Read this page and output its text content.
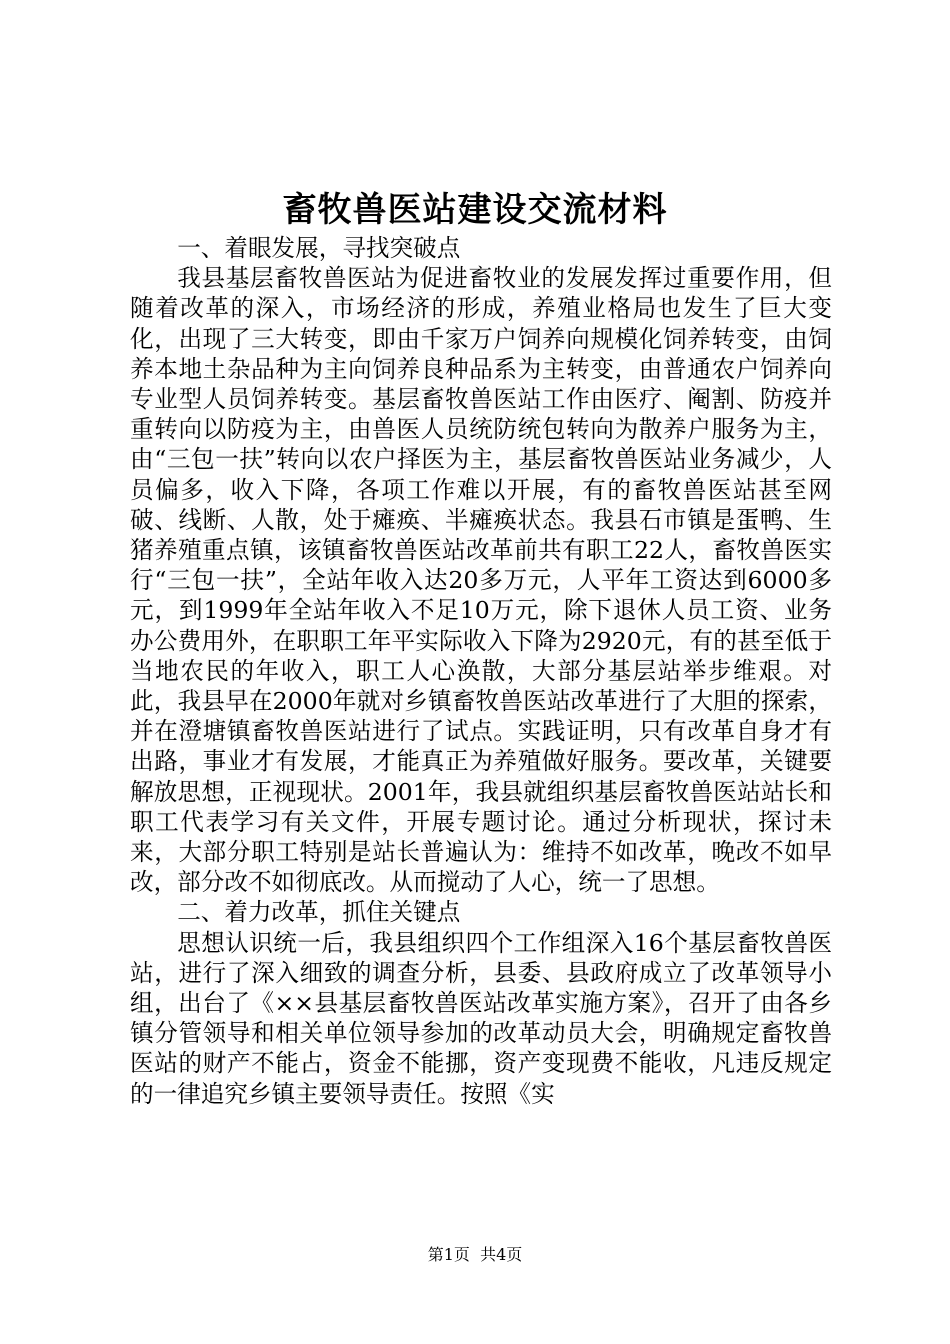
畜牧兽医站建设交流材料

一、着眼发展，寻找突破点

我县基层畜牧兽医站为促进畜牧业的发展发挥过重要作用，但随着改革的深入，市场经济的形成，养殖业格局也发生了巨大变化，出现了三大转变，即由千家万户饲养向规模化饲养转变，由饲养本地土杂品种为主向饲养良种品系为主转变，由普通农户饲养向专业型人员饲养转变。基层畜牧兽医站工作由医疗、阉割、防疫并重转向以防疫为主，由兽医人员统防统包转向为散养户服务为主，由“三包一扶”转向以农户择医为主，基层畜牧兽医站业务减少，人员偏多，收入下降，各项工作难以开展，有的畜牧兽医站甚至网破、线断、人散，处于瘫痪、半瘫痪状态。我县石市镇是蛋鸭、生猪养殖重点镇，该镇畜牧兽医站改革前共有职工22人，畜牧兽医实行“三包一扶”，全站年收入达20多万元，人平年工资达到6000多元，到1999年全站年收入不足10万元，除下退休人员工资、业务办公费用外，在职职工年平实际收入下降为2920元，有的甚至低于当地农民的年收入，职工人心涣散，大部分基层站举步维艰。对此，我县早在2000年就对乡镇畜牧兽医站改革进行了大胆的探索，并在澄塘镇畜牧兽医站进行了试点。实践证明，只有改革自身才有出路，事业才有发展，才能真正为养殖做好服务。要改革，关键要解放思想，正视现状。2001年，我县就组织基层畜牧兽医站站长和职工代表学习有关文件，开展专题讨论。通过分析现状，探讨未来，大部分职工特别是站长普遍认为：维持不如改革，晚改不如早改，部分改不如彻底改。从而搅动了人心，统一了思想。

二、着力改革，抓住关键点

思想认识统一后，我县组织四个工作组深入16个基层畜牧兽医站，进行了深入细致的调查分析，县委、县政府成立了改革领导小组，出台了《××县基层畜牧兽医站改革实施方案》，召开了由各乡镇分管领导和相关单位领导参加的改革动员大会，明确规定畜牧兽医站的财产不能占，资金不能挪，资产变现费不能收，凡违反规定的一律追究乡镇主要领导责任。按照《实

第1页 共4页
